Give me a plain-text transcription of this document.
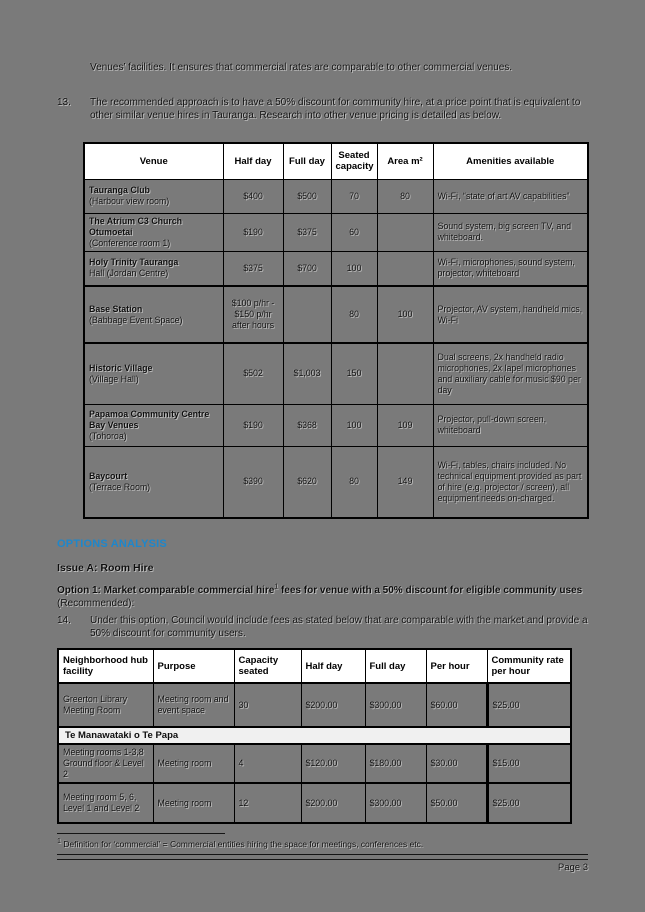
Venues’ facilities. It ensures that commercial rates are comparable to other commercial venues.
13.	The recommended approach is to have a 50% discount for community hire, at a price point that is equivalent to other similar venue hires in Tauranga. Research into other venue pricing is detailed as below.
Venue	Half day	Full day	Seated capacity	Area m²	Amenities available

Tauranga Club
(Harbour view room)	$400	$500	70	80	Wi-Fi, “state of art AV capabilities”

The Atrium C3 Church Otumoetai
(Conference room 1)	$190	$375	60		Sound system, big screen TV, and whiteboard.

Holy Trinity Tauranga
Hall (Jordan Centre)	$375	$700	100		Wi-Fi, microphones, sound system, projector, whiteboard

Base Station
(Babbage Event Space)	$100 p/hr - $150 p/hr after hours		80	100	Projector, AV system, handheld mics, Wi-Fi

Historic Village
(Village Hall)	$502	$1,003	150		Dual screens, 2x handheld radio microphones, 2x lapel microphones and auxiliary cable for music $90 per day

Papamoa Community Centre Bay Venues
(Tohoroa)	$190	$368	100	109	Projector, pull-down screen, whiteboard

Baycourt
(Terrace Room)	$390	$620	80	149	Wi-Fi, tables, chairs included. No technical equipment provided as part of hire (e.g. projector / screen), all equipment needs on-charged.
OPTIONS ANALYSIS
Issue A: Room Hire
Option 1: Market comparable commercial hire$^1$ fees for venue with a 50% discount for eligible community uses (Recommended):
14.	Under this option, Council would include fees as stated below that are comparable with the market and provide a 50% discount for community users.
Neighborhood hub facility	Purpose	Capacity seated	Half day	Full day	Per hour	Community rate per hour
Greerton Library Meeting Room	Meeting room and event space	30	$200.00	$300.00	$60.00	$25.00
Te Manawataki o Te Papa						
Meeting rooms 1-3,8 Ground floor & Level 2	Meeting room	4	$120.00	$180.00	$30.00	$15.00
Meeting room 5, 6, Level 1 and Level 2	Meeting room	12	$200.00	$300.00	$50.00	$25.00
$^1$ Definition for ‘commercial’ = Commercial entities hiring the space for meetings, conferences etc.
Page 3
